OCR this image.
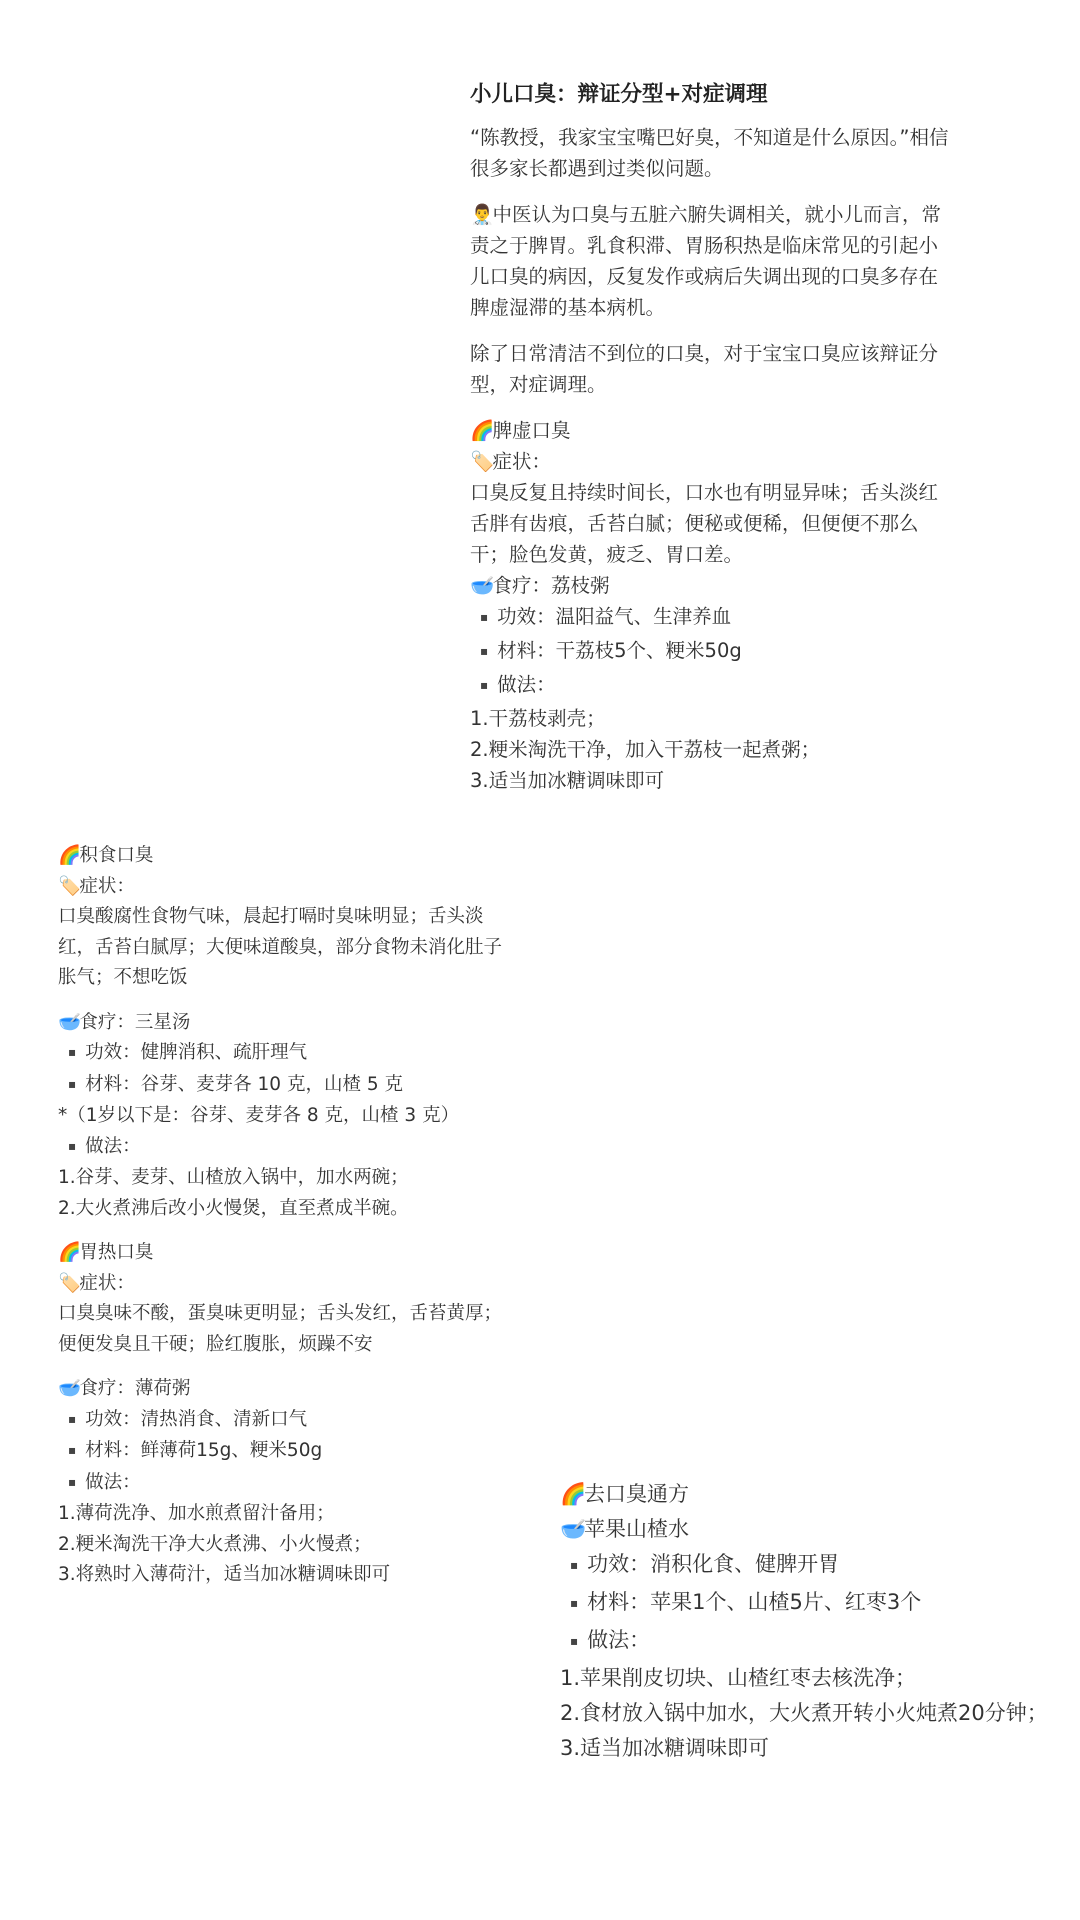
小儿口臭：辩证分型+对症调理

“陈教授，我家宝宝嘴巴好臭，不知道是什么原因。”相信很多家长都遇到过类似问题。

👨‍⚕️中医认为口臭与五脏六腑失调相关，就小儿而言，常责之于脾胃。乳食积滞、胃肠积热是临床常见的引起小儿口臭的病因，反复发作或病后失调出现的口臭多存在脾虚湿滞的基本病机。

除了日常清洁不到位的口臭，对于宝宝口臭应该辩证分型，对症调理。

🌈脾虚口臭

🏷️症状：

口臭反复且持续时间长，口水也有明显异味；舌头淡红舌胖有齿痕，舌苔白腻；便秘或便稀，但便便不那么干；脸色发黄，疲乏、胃口差。

🥣食疗：荔枝粥

▪ 功效：温阳益气、生津养血

▪ 材料：干荔枝5个、粳米50g

▪ 做法：

1.干荔枝剥壳；

2.粳米淘洗干净，加入干荔枝一起煮粥；

3.适当加冰糖调味即可

🌈积食口臭

🏷️症状：

口臭酸腐性食物气味，晨起打嗝时臭味明显；舌头淡红，舌苔白腻厚；大便味道酸臭，部分食物未消化肚子胀气；不想吃饭

🥣食疗：三星汤

▪ 功效：健脾消积、疏肝理气

▪ 材料：谷芽、麦芽各 10 克，山楂 5 克

*（1岁以下是：谷芽、麦芽各 8 克，山楂 3 克）

▪ 做法：

1.谷芽、麦芽、山楂放入锅中，加水两碗；

2.大火煮沸后改小火慢煲，直至煮成半碗。

🌈胃热口臭

🏷️症状：

口臭臭味不酸，蛋臭味更明显；舌头发红，舌苔黄厚；便便发臭且干硬；脸红腹胀，烦躁不安

🥣食疗：薄荷粥

▪ 功效：清热消食、清新口气

▪ 材料：鲜薄荷15g、粳米50g

▪ 做法：

1.薄荷洗净、加水煎煮留汁备用；

2.粳米淘洗干净大火煮沸、小火慢煮；

3.将熟时入薄荷汁，适当加冰糖调味即可

🌈去口臭通方

🥣苹果山楂水

▪ 功效：消积化食、健脾开胃

▪ 材料：苹果1个、山楂5片、红枣3个

▪ 做法：

1.苹果削皮切块、山楂红枣去核洗净；

2.食材放入锅中加水，大火煮开转小火炖煮20分钟；

3.适当加冰糖调味即可
